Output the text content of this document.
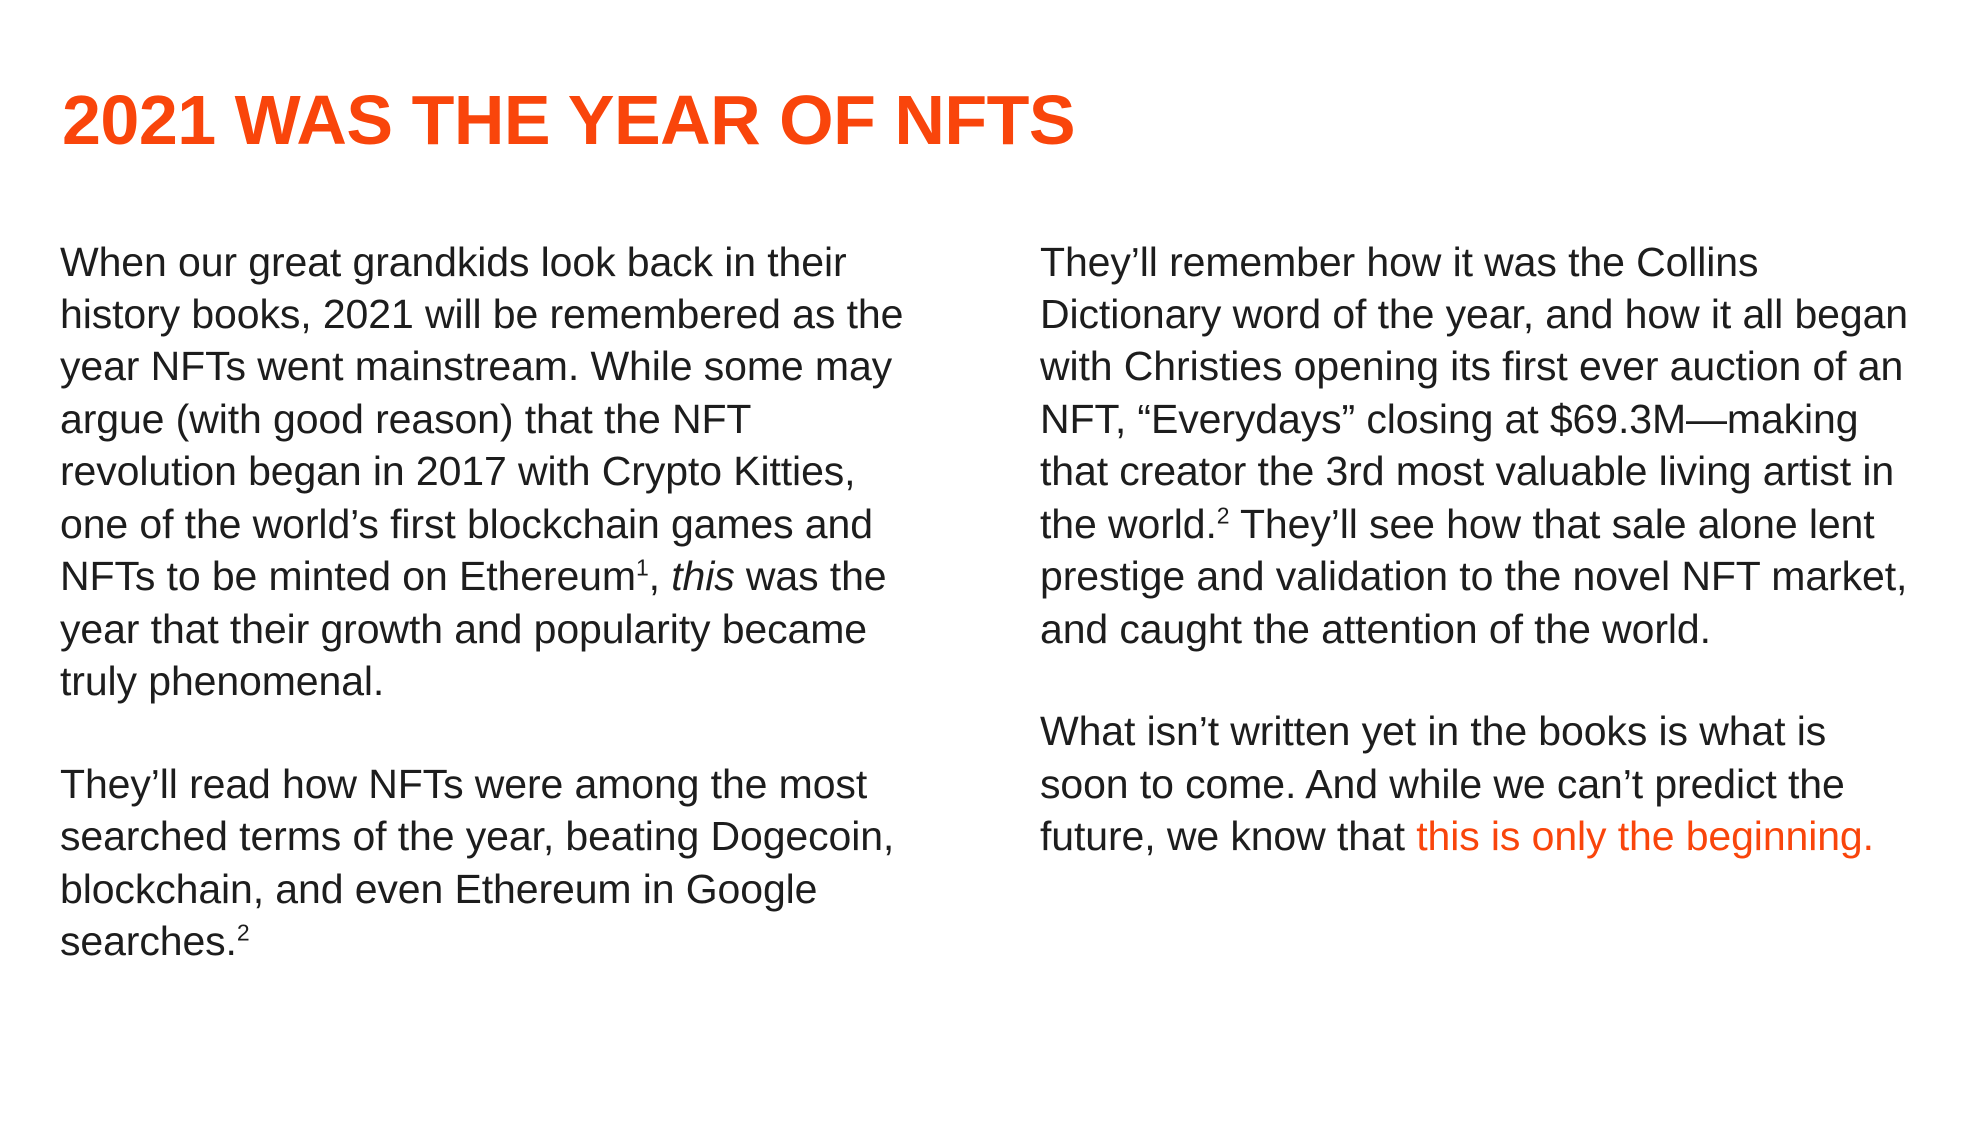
2021 WAS THE YEAR OF NFTS

When our great grandkids look back in their history books, 2021 will be remembered as the year NFTs went mainstream. While some may argue (with good reason) that the NFT revolution began in 2017 with Crypto Kitties, one of the world’s first blockchain games and NFTs to be minted on Ethereum$^1$, this was the year that their growth and popularity became truly phenomenal.

They’ll read how NFTs were among the most searched terms of the year, beating Dogecoin, blockchain, and even Ethereum in Google searches.$^2$

They’ll remember how it was the Collins Dictionary word of the year, and how it all began with Christies opening its first ever auction of an NFT, “Everydays” closing at $69.3M—making that creator the 3rd most valuable living artist in the world.$^2$ They’ll see how that sale alone lent prestige and validation to the novel NFT market, and caught the attention of the world.

What isn’t written yet in the books is what is soon to come. And while we can’t predict the future, we know that this is only the beginning.
